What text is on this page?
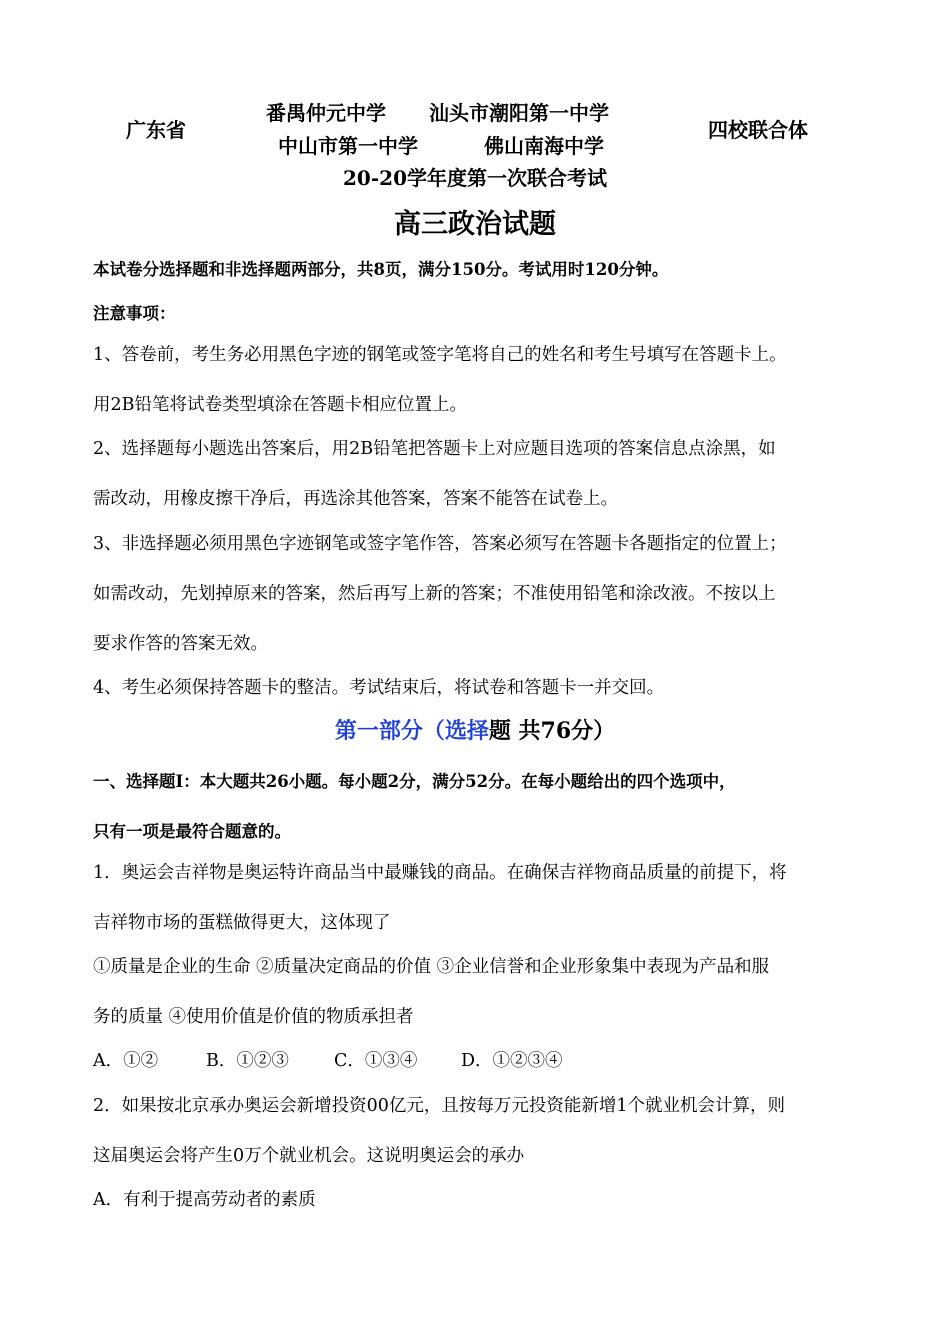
广东省
番禺仲元中学 汕头市潮阳第一中学
中山市第一中学	佛山南海中学
四校联合体
20-20学年度第一次联合考试
高三政治试题
本试卷分选择题和非选择题两部分，共8页，满分150分。考试用时120分钟。
注意事项：
1、答卷前，考生务必用黑色字迹的钢笔或签字笔将自己的姓名和考生号填写在答题卡上。
用2B铅笔将试卷类型填涂在答题卡相应位置上。
2、选择题每小题选出答案后，用2B铅笔把答题卡上对应题目选项的答案信息点涂黑，如
需改动，用橡皮擦干净后，再选涂其他答案，答案不能答在试卷上。
3、非选择题必须用黑色字迹钢笔或签字笔作答，答案必须写在答题卡各题指定的位置上；
如需改动，先划掉原来的答案，然后再写上新的答案；不准使用铅笔和涂改液。不按以上
要求作答的答案无效。
4、考生必须保持答题卡的整洁。考试结束后，将试卷和答题卡一并交回。
第一部分（选择题 共76分）
一、选择题Ⅰ：本大题共26小题。每小题2分，满分52分。在每小题给出的四个选项中，
只有一项是最符合题意的。
1．奥运会吉祥物是奥运特许商品当中最赚钱的商品。在确保吉祥物商品质量的前提下，将
吉祥物市场的蛋糕做得更大，这体现了
①质量是企业的生命 ②质量决定商品的价值 ③企业信誉和企业形象集中表现为产品和服
务的质量 ④使用价值是价值的物质承担者
A．①②	B．①②③	C．①③④ D．①②③④
2．如果按北京承办奥运会新增投资00亿元，且按每万元投资能新增1个就业机会计算，则
这届奥运会将产生0万个就业机会。这说明奥运会的承办
A．有利于提高劳动者的素质
